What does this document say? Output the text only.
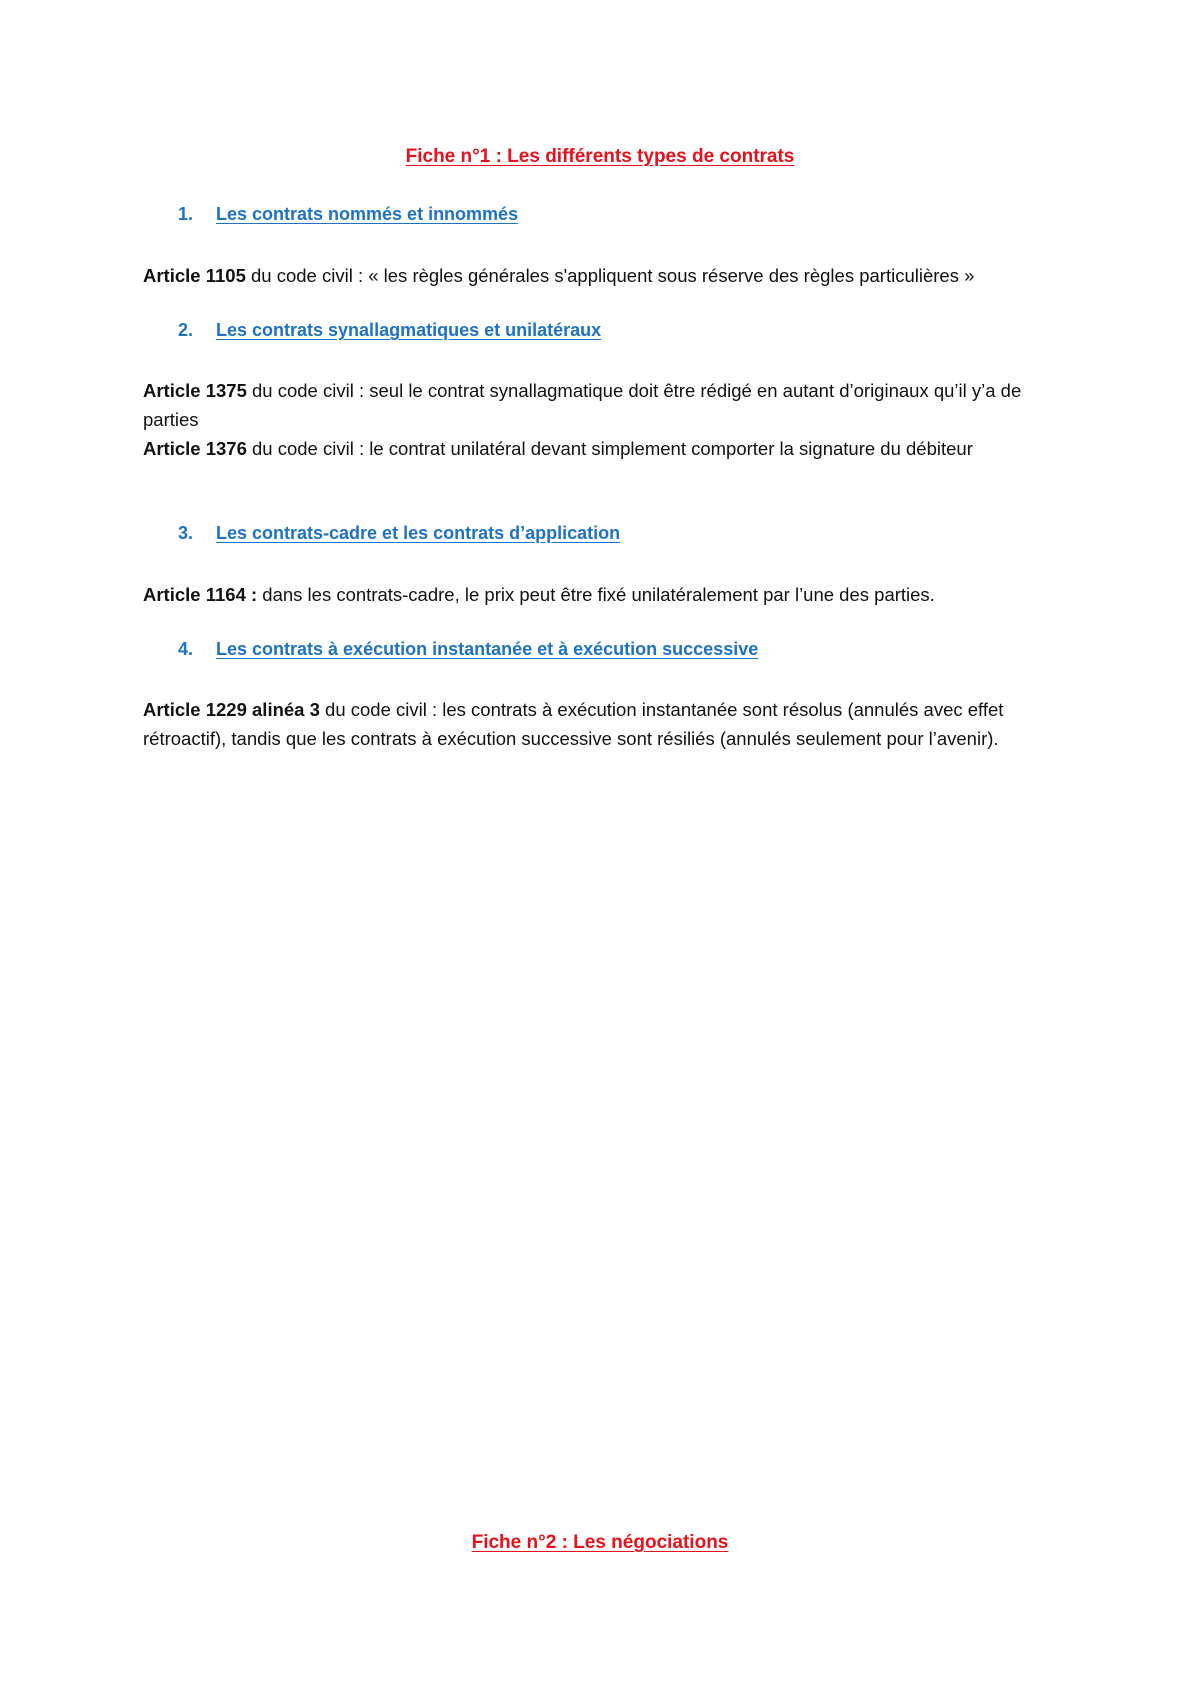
Fiche n°1 : Les différents types de contrats
1. Les contrats nommés et innommés

Article 1105 du code civil : « les règles générales s'appliquent sous réserve des règles particulières »

2. Les contrats synallagmatiques et unilatéraux

Article 1375 du code civil : seul le contrat synallagmatique doit être rédigé en autant d’originaux qu’il y’a de parties

Article 1376 du code civil : le contrat unilatéral devant simplement comporter la signature du débiteur

3. Les contrats-cadre et les contrats d’application

Article 1164 : dans les contrats-cadre, le prix peut être fixé unilatéralement par l’une des parties.

4. Les contrats à exécution instantanée et à exécution successive

Article 1229 alinéa 3 du code civil : les contrats à exécution instantanée sont résolus (annulés avec effet rétroactif), tandis que les contrats à exécution successive sont résiliés (annulés seulement pour l’avenir).

Fiche n°2 : Les négociations
